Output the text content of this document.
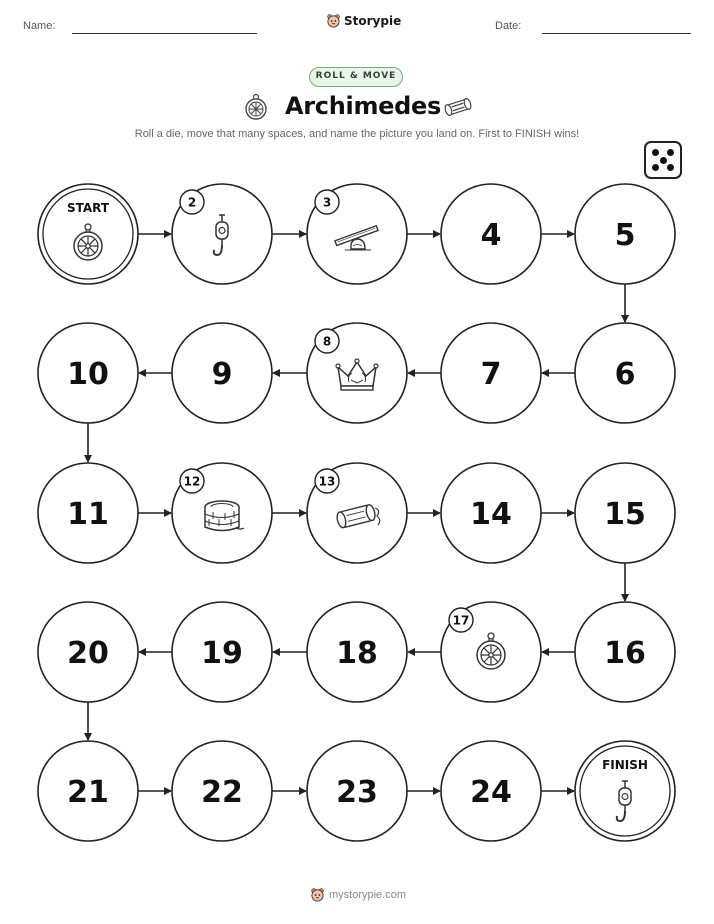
Name:	Storypie	Date:
ROLL & MOVE
Archimedes
Roll a die, move that many spaces, and name the picture you land on. First to FINISH wins!
START	2	3
4	5
6
7
8
9
10
11
12	13
14	15
16
17
18
19
20
21	22	23	24
FINISH
mystorypie.com
